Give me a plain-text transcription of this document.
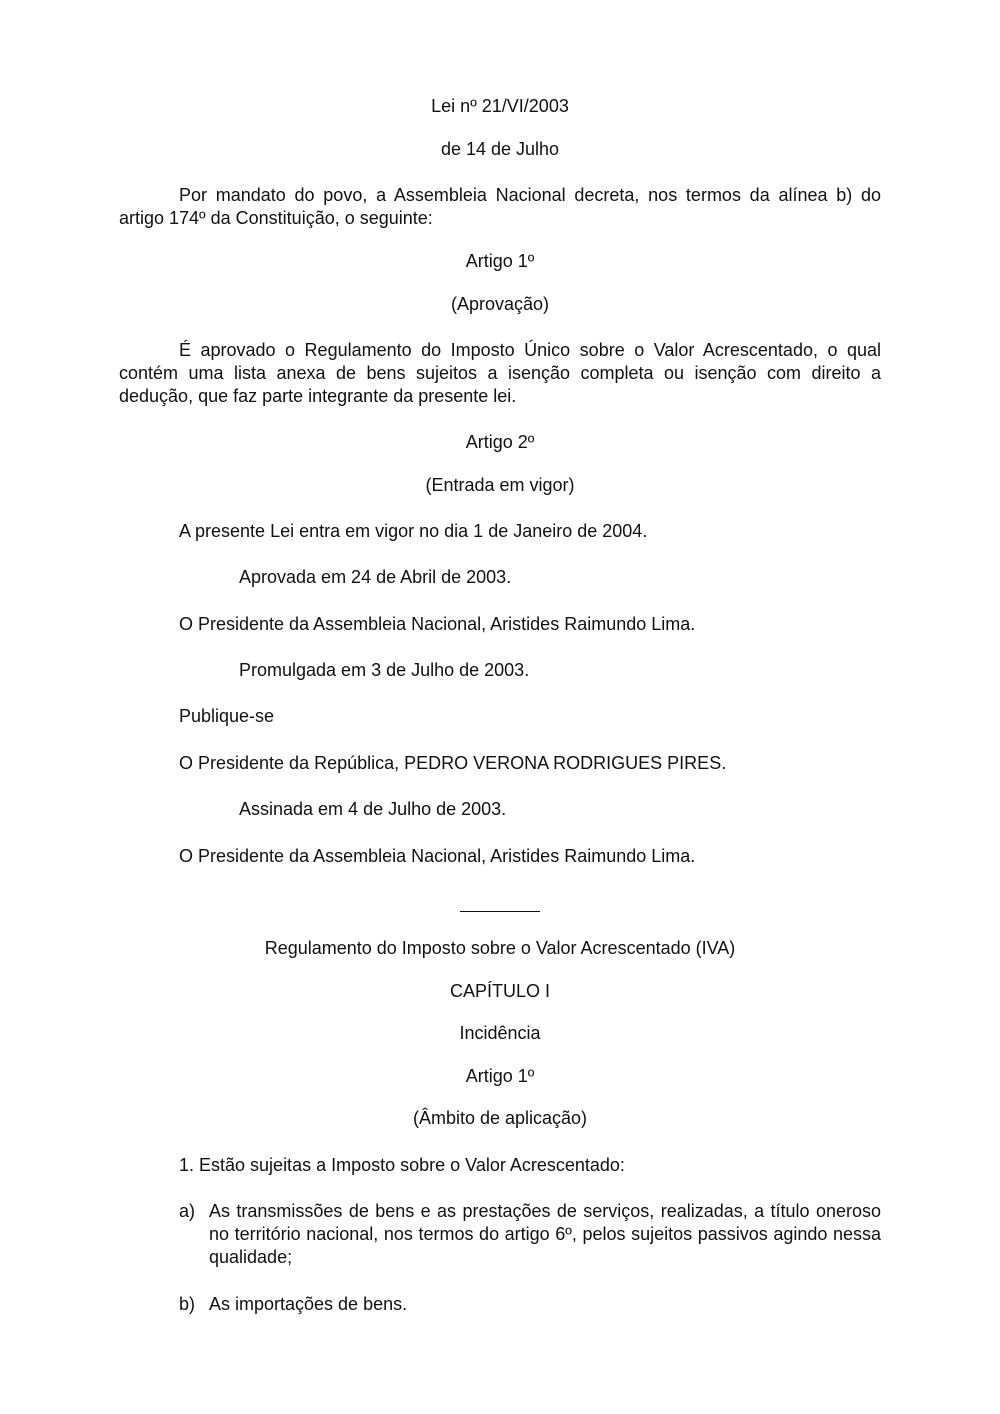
Lei nº 21/VI/2003
de 14 de Julho
Por mandato do povo, a Assembleia Nacional decreta, nos termos da alínea b) do artigo 174º da Constituição, o seguinte:
Artigo 1º
(Aprovação)
É aprovado o Regulamento do Imposto Único sobre o Valor Acrescentado, o qual contém uma lista anexa de bens sujeitos a isenção completa ou isenção com direito a dedução, que faz parte integrante da presente lei.
Artigo 2º
(Entrada em vigor)
A presente Lei entra em vigor no dia 1 de Janeiro de 2004.
Aprovada em 24 de Abril de 2003.
O Presidente da Assembleia Nacional, Aristides Raimundo Lima.
Promulgada em 3 de Julho de 2003.
Publique-se
O Presidente da República, PEDRO VERONA RODRIGUES PIRES.
Assinada em 4 de Julho de 2003.
O Presidente da Assembleia Nacional, Aristides Raimundo Lima.
Regulamento do Imposto sobre o Valor Acrescentado (IVA)
CAPÍTULO I
Incidência
Artigo 1º
(Âmbito de aplicação)
1. Estão sujeitas a Imposto sobre o Valor Acrescentado:
a) As transmissões de bens e as prestações de serviços, realizadas, a título oneroso no território nacional, nos termos do artigo 6º, pelos sujeitos passivos agindo nessa qualidade;
b) As importações de bens.
